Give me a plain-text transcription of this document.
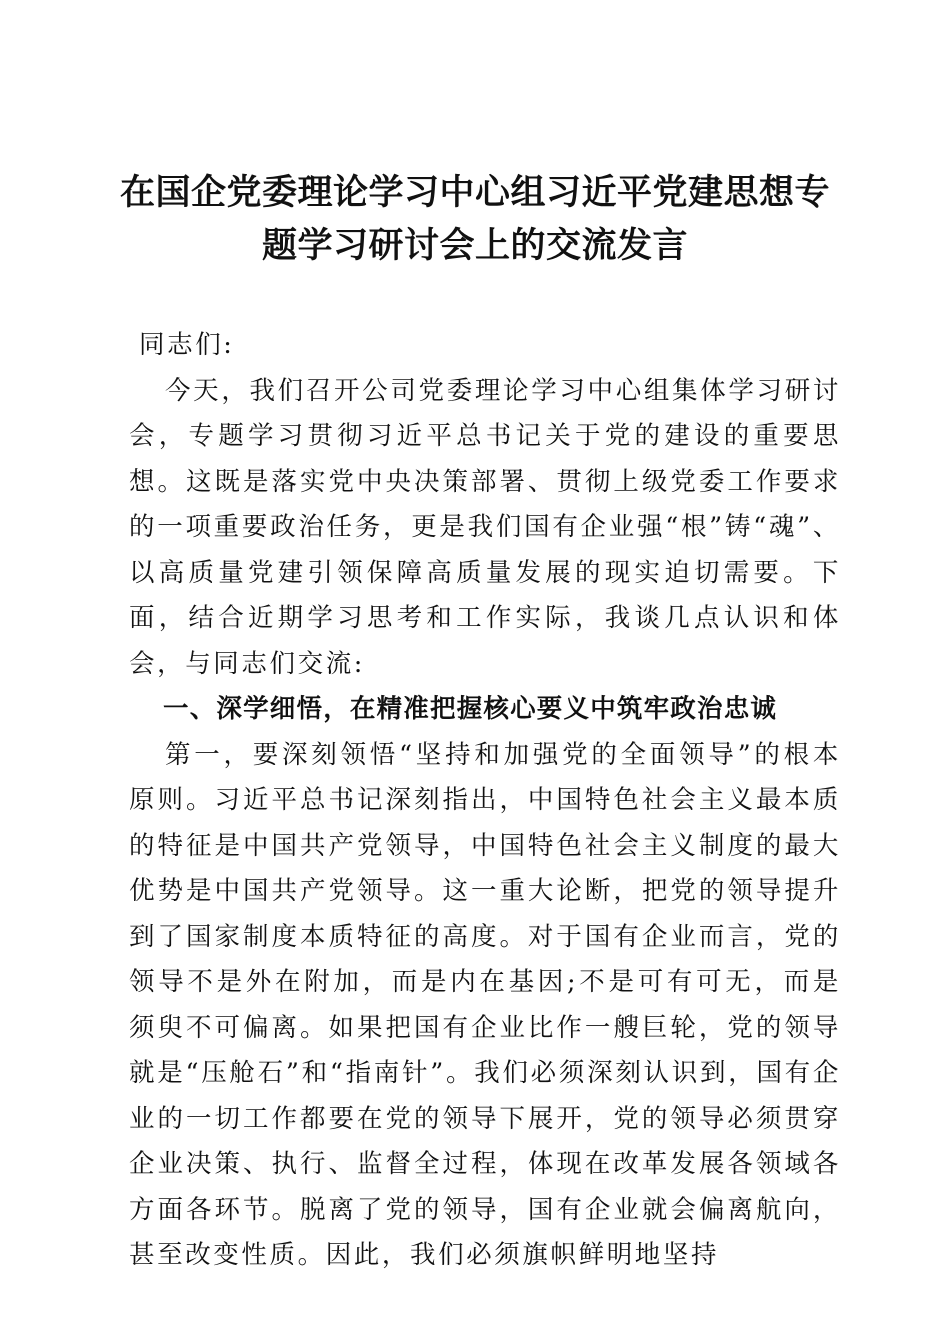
在国企党委理论学习中心组习近平党建思想专
题学习研讨会上的交流发言

同志们:

今天，我们召开公司党委理论学习中心组集体学习研讨会，专题学习贯彻习近平总书记关于党的建设的重要思想。这既是落实党中央决策部署、贯彻上级党委工作要求的一项重要政治任务，更是我们国有企业强“根”铸“魂”、以高质量党建引领保障高质量发展的现实迫切需要。下面，结合近期学习思考和工作实际，我谈几点认识和体会，与同志们交流:

一、深学细悟，在精准把握核心要义中筑牢政治忠诚

第一，要深刻领悟“坚持和加强党的全面领导”的根本原则。习近平总书记深刻指出，中国特色社会主义最本质的特征是中国共产党领导，中国特色社会主义制度的最大优势是中国共产党领导。这一重大论断，把党的领导提升到了国家制度本质特征的高度。对于国有企业而言，党的领导不是外在附加，而是内在基因;不是可有可无，而是须臾不可偏离。如果把国有企业比作一艘巨轮，党的领导就是“压舱石”和“指南针”。我们必须深刻认识到，国有企业的一切工作都要在党的领导下展开，党的领导必须贯穿企业决策、执行、监督全过程，体现在改革发展各领域各方面各环节。脱离了党的领导，国有企业就会偏离航向，甚至改变性质。因此，我们必须旗帜鲜明地坚持
